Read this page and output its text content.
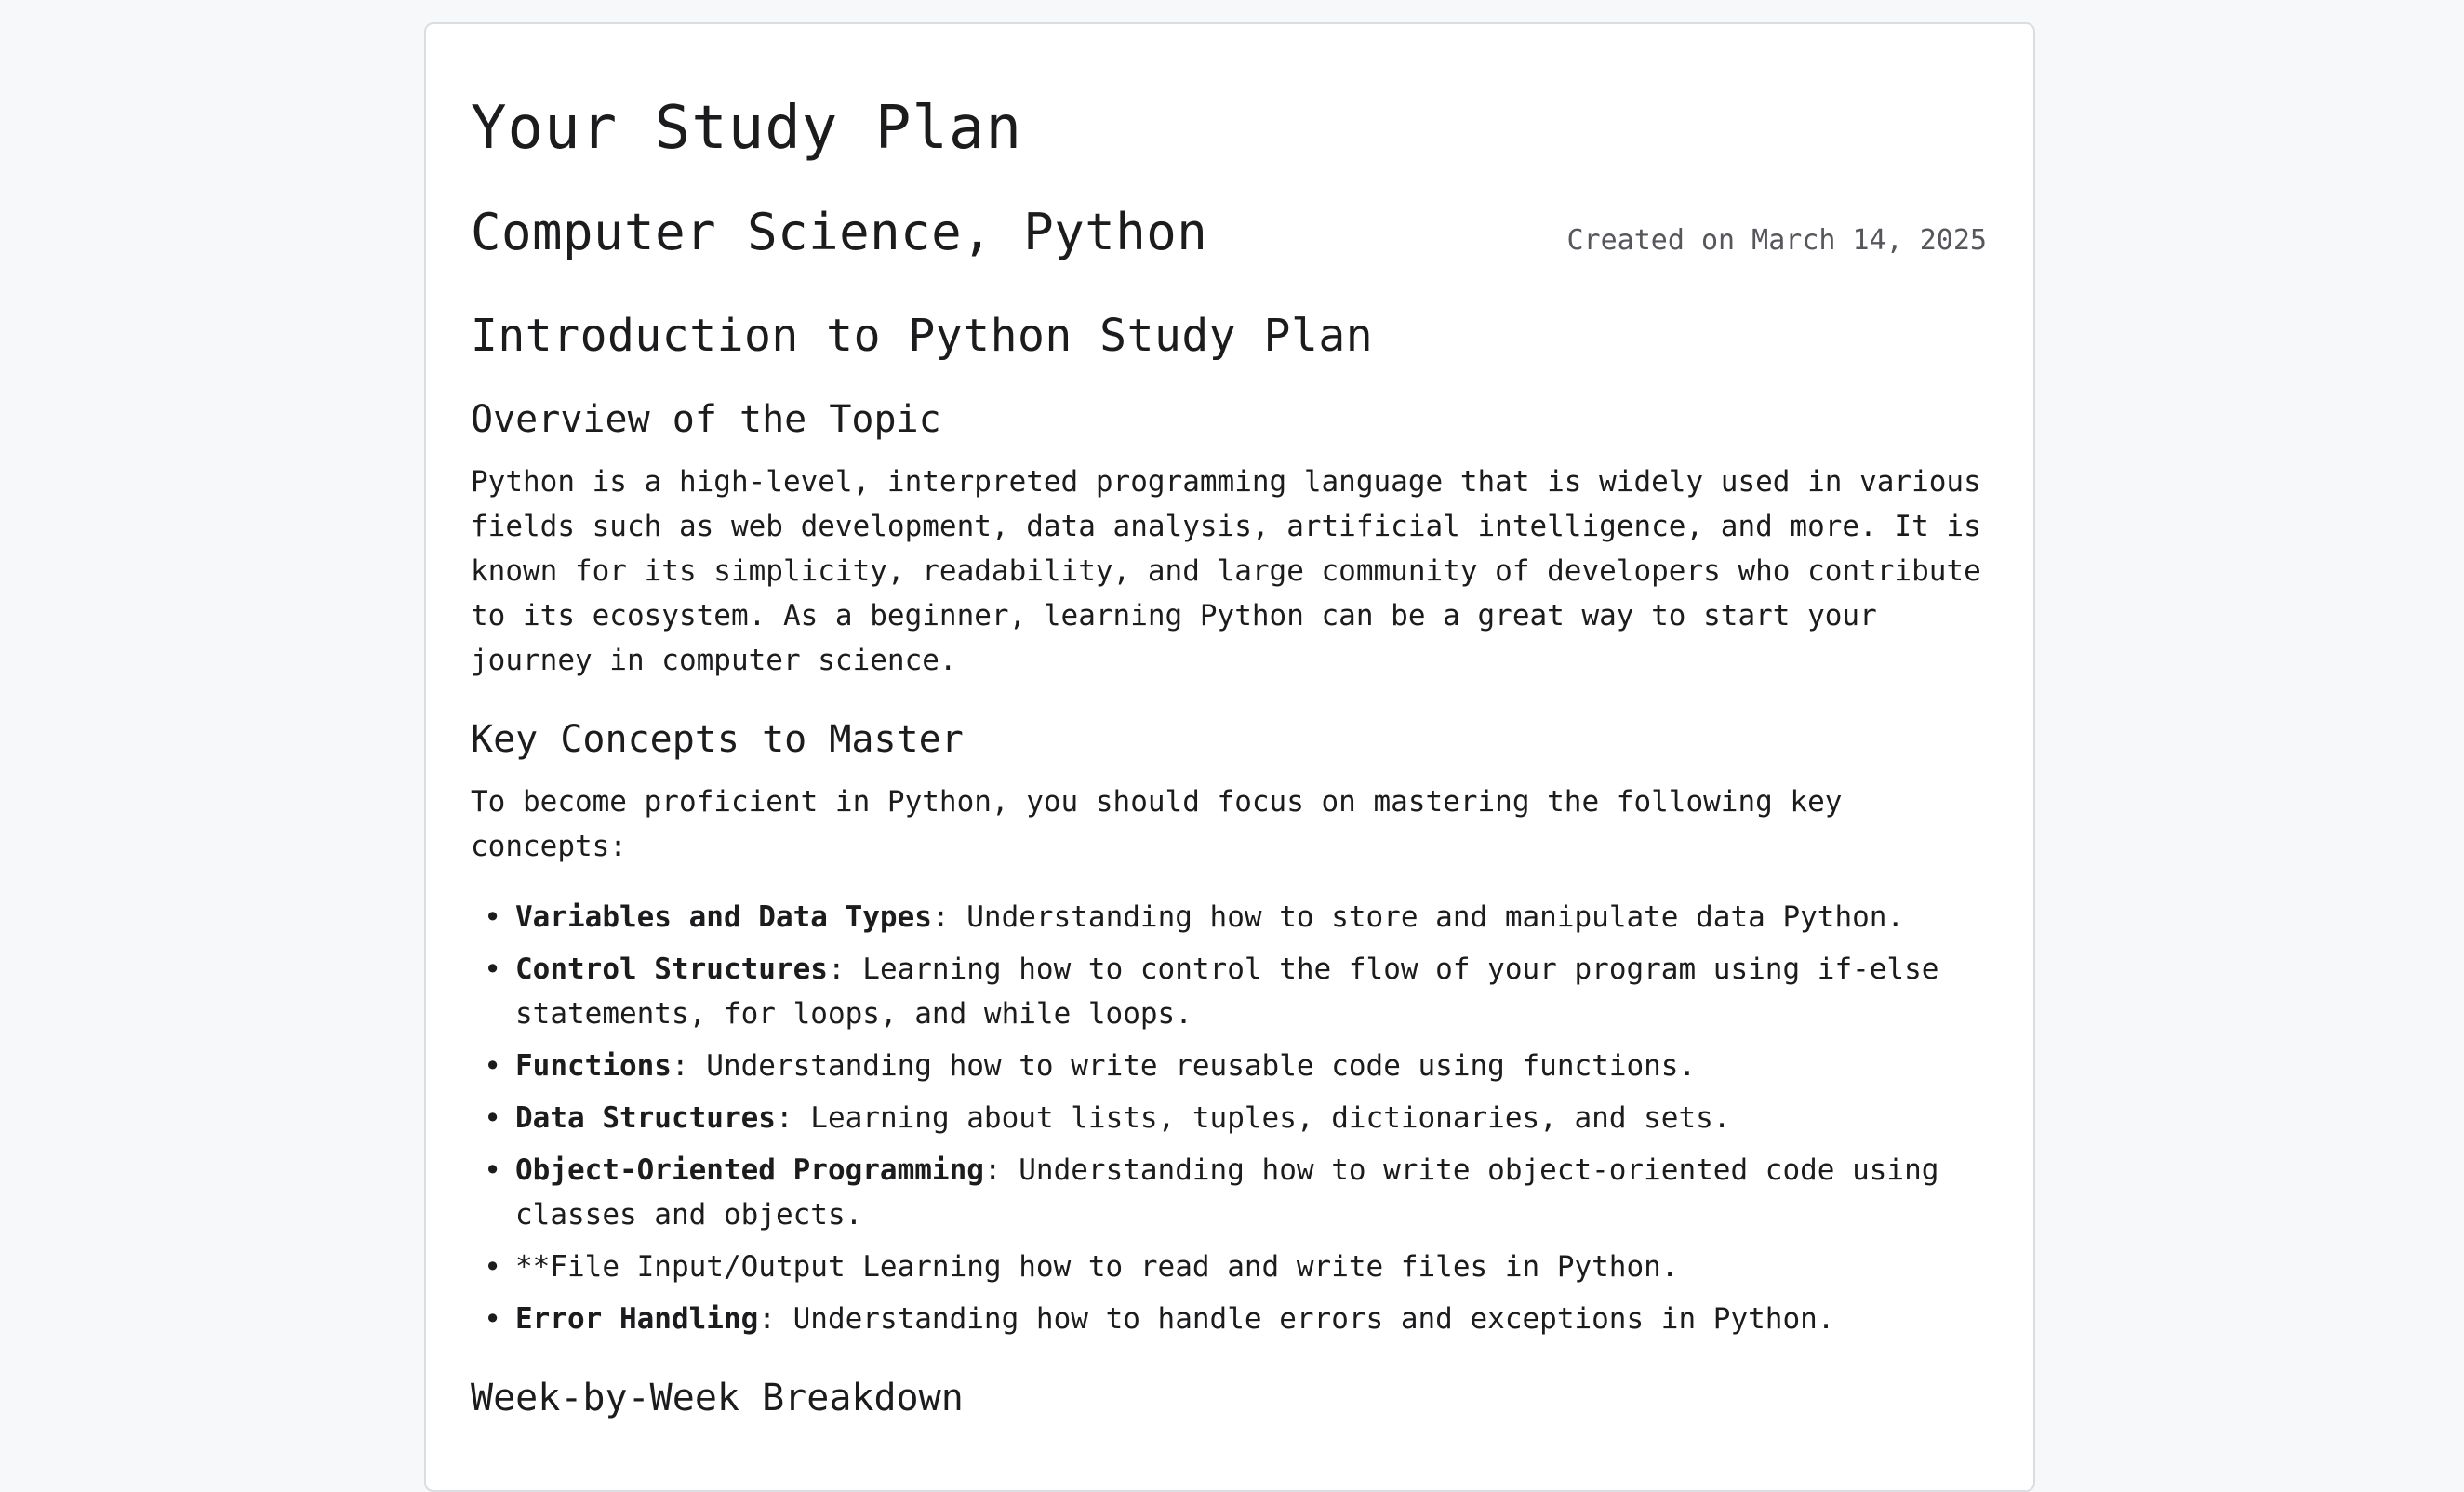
Your Study Plan
Computer Science, Python	Created on March 14, 2025
Introduction to Python Study Plan
Overview of the Topic

Python is a high-level, interpreted programming language that is widely used in various fields such as web development, data analysis, artificial intelligence, and more. It is known for its simplicity, readability, and large community of developers who contribute to its ecosystem. As a beginner, learning Python can be a great way to start your journey in computer science.

Key Concepts to Master

To become proficient in Python, you should focus on mastering the following key concepts:

• Variables and Data Types: Understanding how to store and manipulate data Python.
• Control Structures: Learning how to control the flow of your program using if-else statements, for loops, and while loops.
• Functions: Understanding how to write reusable code using functions.
• Data Structures: Learning about lists, tuples, dictionaries, and sets.
• Object-Oriented Programming: Understanding how to write object-oriented code using classes and objects.
• **File Input/Output Learning how to read and write files in Python.
• Error Handling: Understanding how to handle errors and exceptions in Python.
Week-by-Week Breakdown
